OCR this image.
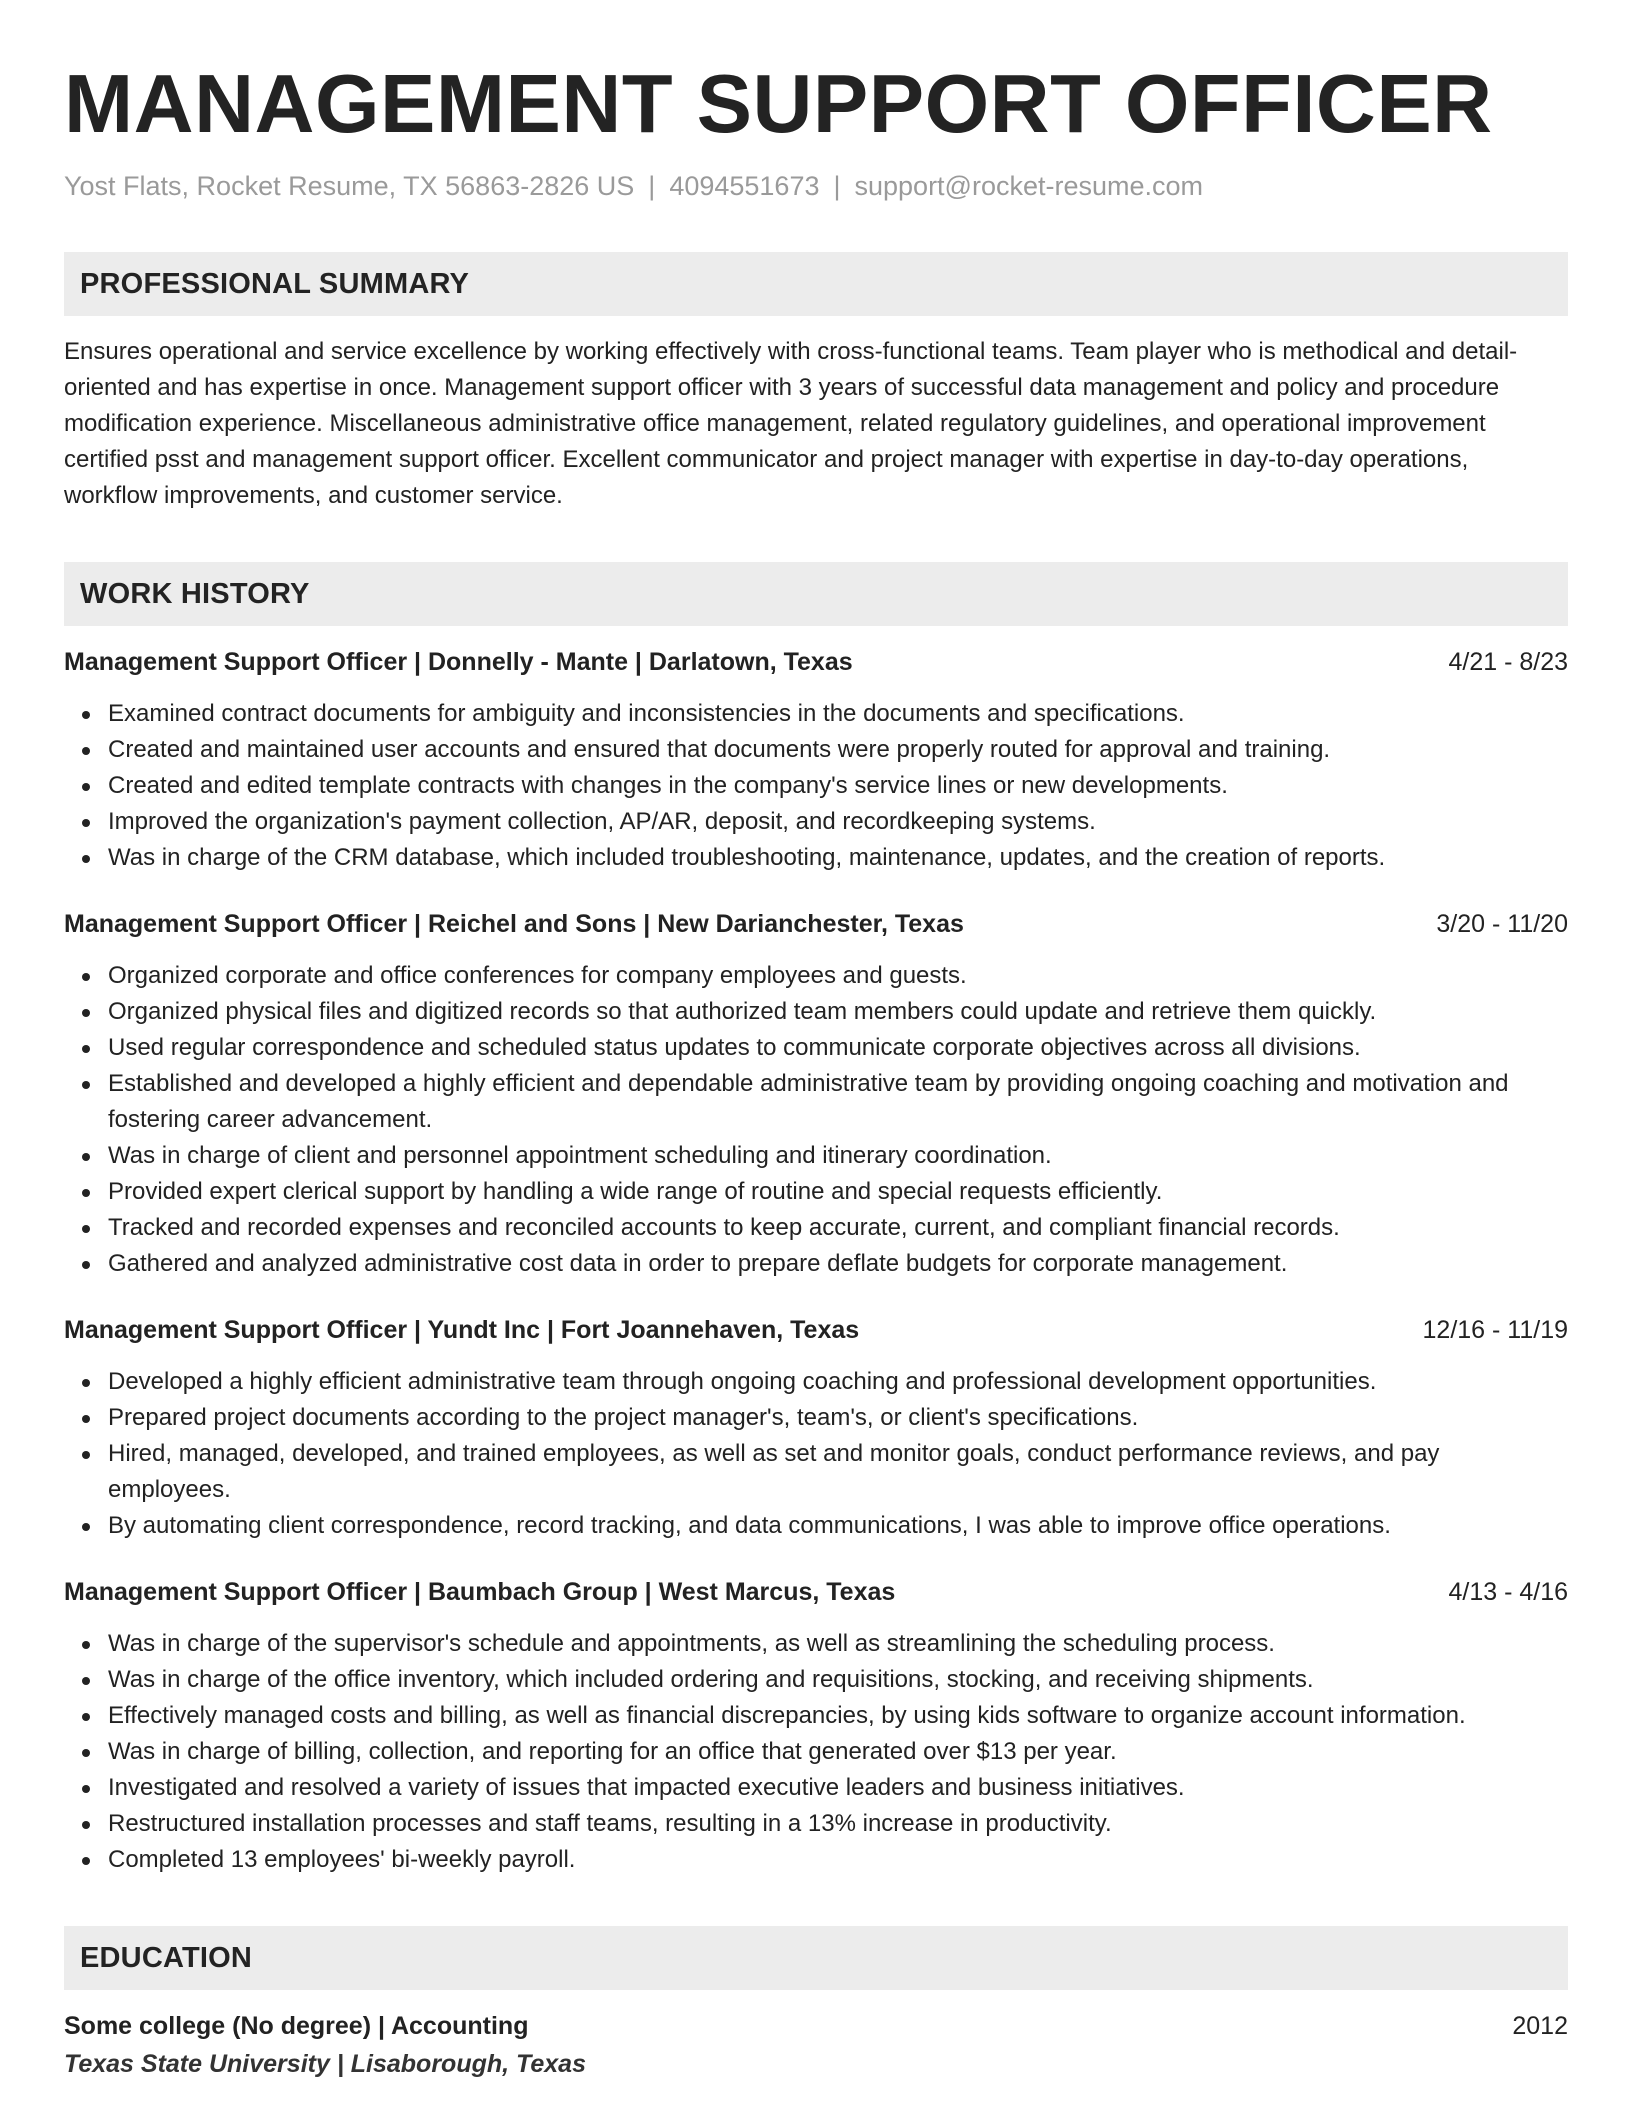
MANAGEMENT SUPPORT OFFICER
Yost Flats, Rocket Resume, TX 56863-2826 US | 4094551673 | support@rocket-resume.com
PROFESSIONAL SUMMARY

Ensures operational and service excellence by working effectively with cross-functional teams. Team player who is methodical and detail-oriented and has expertise in once. Management support officer with 3 years of successful data management and policy and procedure modification experience. Miscellaneous administrative office management, related regulatory guidelines, and operational improvement certified psst and management support officer. Excellent communicator and project manager with expertise in day-to-day operations, workflow improvements, and customer service.

WORK HISTORY
Management Support Officer | Donnelly - Mante | Darlatown, Texas	4/21 - 8/23
Examined contract documents for ambiguity and inconsistencies in the documents and specifications.
Created and maintained user accounts and ensured that documents were properly routed for approval and training.
Created and edited template contracts with changes in the company's service lines or new developments.
Improved the organization's payment collection, AP/AR, deposit, and recordkeeping systems.
Was in charge of the CRM database, which included troubleshooting, maintenance, updates, and the creation of reports.
Management Support Officer | Reichel and Sons | New Darianchester, Texas	3/20 - 11/20
Organized corporate and office conferences for company employees and guests.
Organized physical files and digitized records so that authorized team members could update and retrieve them quickly.
Used regular correspondence and scheduled status updates to communicate corporate objectives across all divisions.
Established and developed a highly efficient and dependable administrative team by providing ongoing coaching and motivation and fostering career advancement.
Was in charge of client and personnel appointment scheduling and itinerary coordination.
Provided expert clerical support by handling a wide range of routine and special requests efficiently.
Tracked and recorded expenses and reconciled accounts to keep accurate, current, and compliant financial records.
Gathered and analyzed administrative cost data in order to prepare deflate budgets for corporate management.
Management Support Officer | Yundt Inc | Fort Joannehaven, Texas	12/16 - 11/19
Developed a highly efficient administrative team through ongoing coaching and professional development opportunities.
Prepared project documents according to the project manager's, team's, or client's specifications.
Hired, managed, developed, and trained employees, as well as set and monitor goals, conduct performance reviews, and pay employees.
By automating client correspondence, record tracking, and data communications, I was able to improve office operations.
Management Support Officer | Baumbach Group | West Marcus, Texas	4/13 - 4/16
Was in charge of the supervisor's schedule and appointments, as well as streamlining the scheduling process.
Was in charge of the office inventory, which included ordering and requisitions, stocking, and receiving shipments.
Effectively managed costs and billing, as well as financial discrepancies, by using kids software to organize account information.
Was in charge of billing, collection, and reporting for an office that generated over $13 per year.
Investigated and resolved a variety of issues that impacted executive leaders and business initiatives.
Restructured installation processes and staff teams, resulting in a 13% increase in productivity.
Completed 13 employees' bi-weekly payroll.
EDUCATION
Some college (No degree) | Accounting	2012
Texas State University | Lisaborough, Texas
